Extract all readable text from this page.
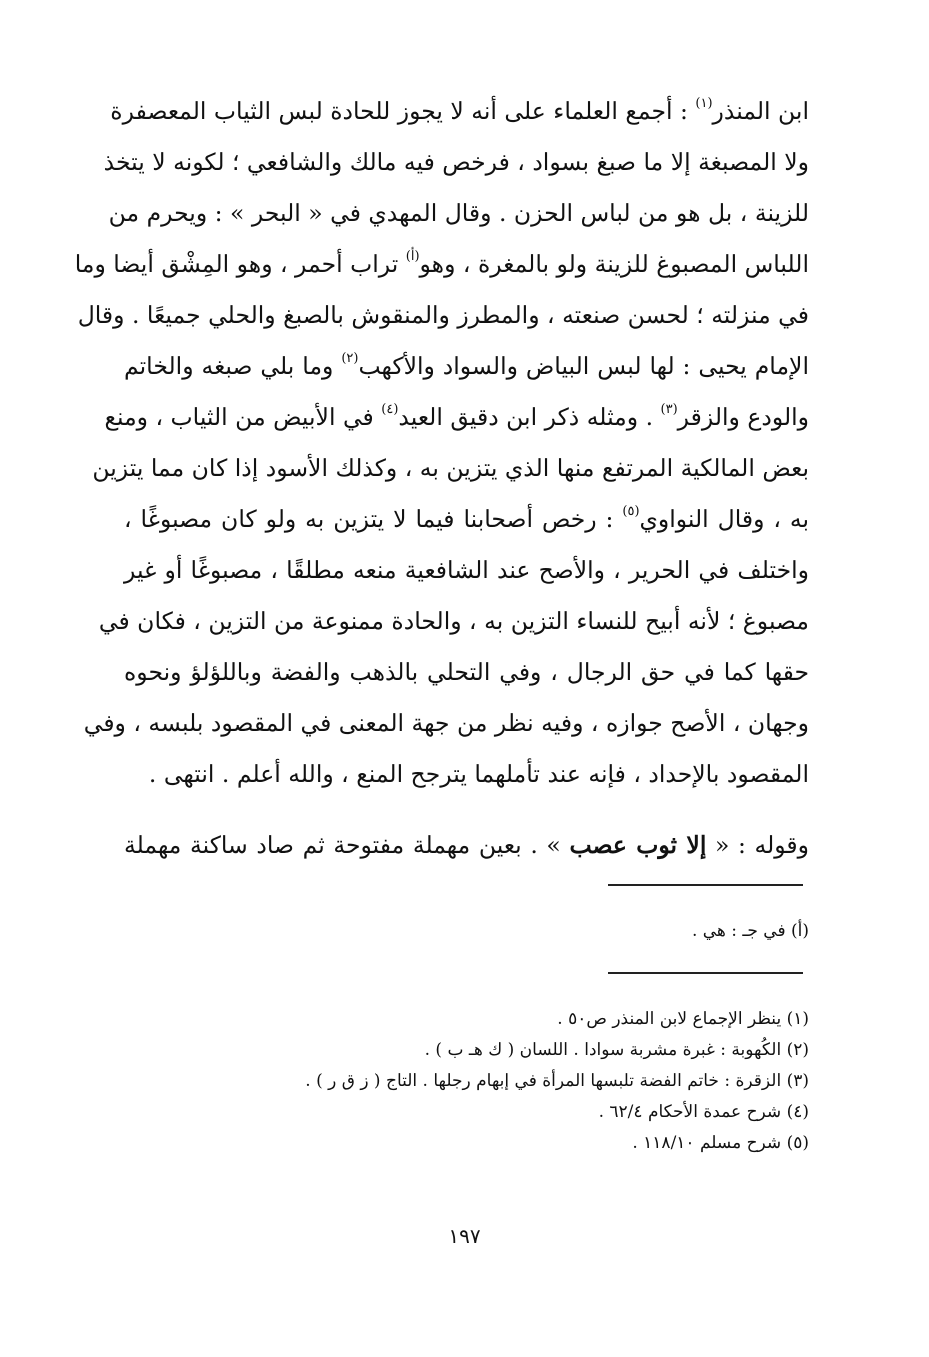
ابن المنذر$^{(١)}$ : أجمع العلماء على أنه لا يجوز للحادة لبس الثياب المعصفرة
ولا المصبغة إلا ما صبغ بسواد ، فرخص فيه مالك والشافعي ؛ لكونه لا يتخذ
للزينة ، بل هو من لباس الحزن . وقال المهدي في « البحر » : ويحرم من
اللباس المصبوغ للزينة ولو بالمغرة ، وهو$^{(أ)}$ تراب أحمر ، وهو المِشْق أيضا وما
في منزلته ؛ لحسن صنعته ، والمطرز والمنقوش بالصبغ والحلي جميعًا . وقال
الإمام يحيى : لها لبس البياض والسواد والأكهب$^{(٢)}$ وما بلي صبغه والخاتم
والودع والزقر$^{(٣)}$ . ومثله ذكر ابن دقيق العيد$^{(٤)}$ في الأبيض من الثياب ، ومنع
بعض المالكية المرتفع منها الذي يتزين به ، وكذلك الأسود إذا كان مما يتزين
به ، وقال النواوي$^{(٥)}$ : رخص أصحابنا فيما لا يتزين به ولو كان مصبوغًا ،
واختلف في الحرير ، والأصح عند الشافعية منعه مطلقًا ، مصبوغًا أو غير
مصبوغ ؛ لأنه أبيح للنساء التزين به ، والحادة ممنوعة من التزين ، فكان في
حقها كما في حق الرجال ، وفي التحلي بالذهب والفضة وباللؤلؤ ونحوه
وجهان ، الأصح جوازه ، وفيه نظر من جهة المعنى في المقصود بلبسه ، وفي
المقصود بالإحداد ، فإنه عند تأملهما يترجح المنع ، والله أعلم . انتهى .
وقوله : « إلا ثوب عصب » . بعين مهملة مفتوحة ثم صاد ساكنة مهملة
(أ) في جـ : هي .
(١) ينظر الإجماع لابن المنذر ص٥٠ .
(٢) الكُهوبة : غبرة مشربة سوادا . اللسان ( ك هـ ب ) .
(٣) الزقرة : خاتم الفضة تلبسها المرأة في إبهام رجلها . التاج ( ز ق ر ) .
(٤) شرح عمدة الأحكام ٦٢/٤ .
(٥) شرح مسلم ١١٨/١٠ .
١٩٧
